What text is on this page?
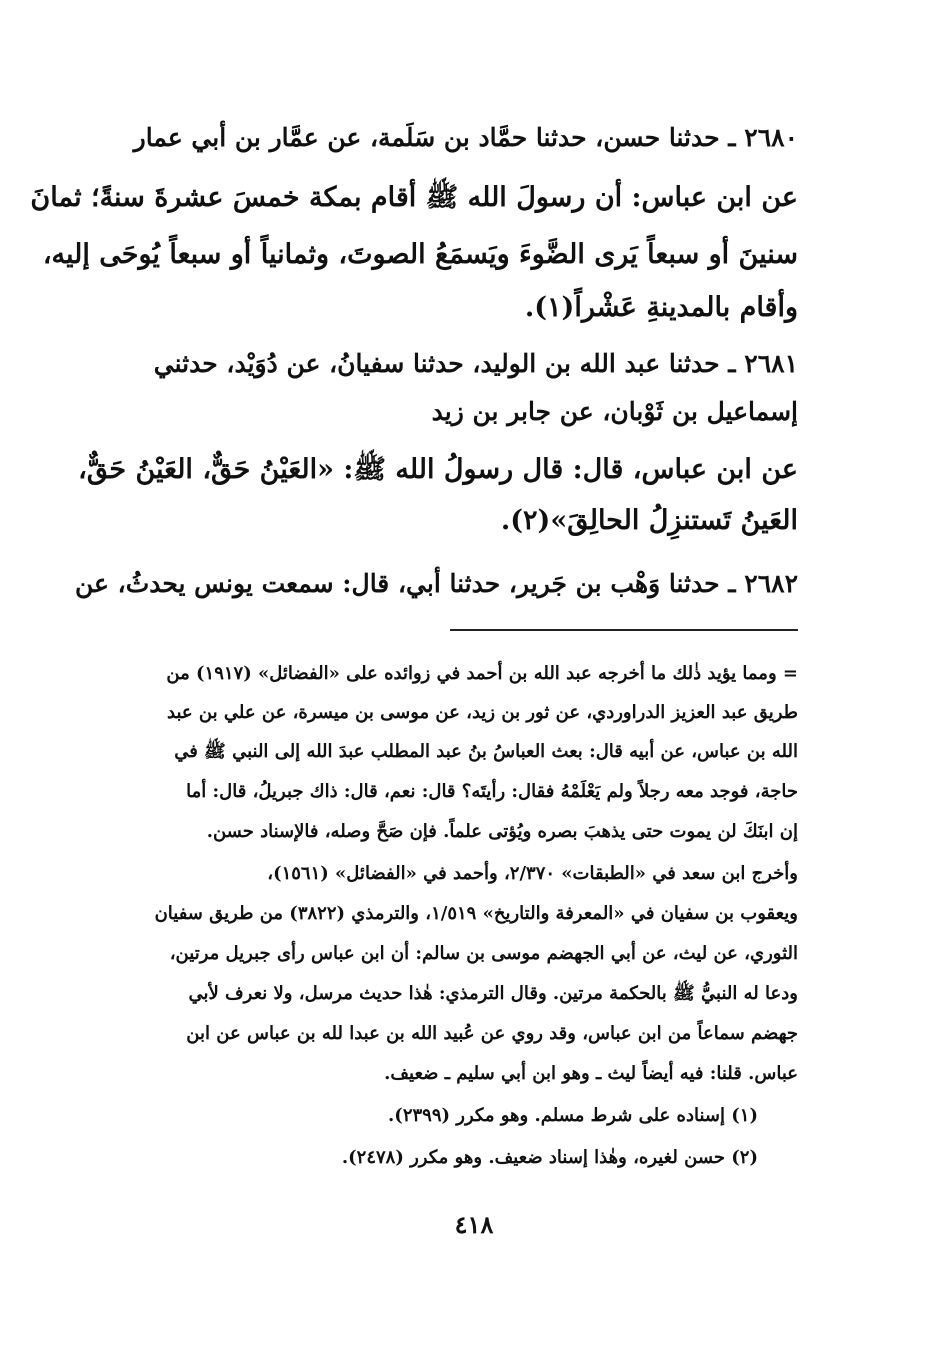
٢٦٨٠ ـ حدثنا حسن، حدثنا حمَّاد بن سَلَمة، عن عمَّار بن أبي عمار
عن ابن عباس: أن رسولَ الله ﷺ أقام بمكة خمسَ عشرةَ سنةً؛ ثمانَ
سنينَ أو سبعاً يَرى الضَّوءَ ويَسمَعُ الصوتَ، وثمانياً أو سبعاً يُوحَى إليه،
وأقام بالمدينةِ عَشْراً(١).
٢٦٨١ ـ حدثنا عبد الله بن الوليد، حدثنا سفيانُ، عن دُوَيْد، حدثني
إسماعيل بن ثَوْبان، عن جابر بن زيد
عن ابن عباس، قال: قال رسولُ الله ﷺ: «العَيْنُ حَقٌّ، العَيْنُ حَقٌّ،
العَينُ تَستنزِلُ الحالِقَ»(٢).
٢٦٨٢ ـ حدثنا وَهْب بن جَرير، حدثنا أبي، قال: سمعت يونس يحدثُ، عن
= ومما يؤيد ذٰلك ما أخرجه عبد الله بن أحمد في زوائده على «الفضائل» (١٩١٧) من
طريق عبد العزيز الدراوردي، عن ثور بن زيد، عن موسى بن ميسرة، عن علي بن عبد
الله بن عباس، عن أبيه قال: بعث العباسُ بنُ عبد المطلب عبدَ الله إلى النبي ﷺ في
حاجة، فوجد معه رجلاً ولم يَعْلَمْهُ فقال: رأيتَه؟ قال: نعم، قال: ذاك جبريلُ، قال: أما
إن ابنَكَ لن يموت حتى يذهبَ بصره ويُؤتى علماً. فإن صَحَّ وصله، فالإسناد حسن.
وأخرج ابن سعد في «الطبقات» ٢/٣٧٠، وأحمد في «الفضائل» (١٥٦١)،
ويعقوب بن سفيان في «المعرفة والتاريخ» ١/٥١٩، والترمذي (٣٨٢٢) من طريق سفيان
الثوري، عن ليث، عن أبي الجهضم موسى بن سالم: أن ابن عباس رأى جبريل مرتين،
ودعا له النبيُّ ﷺ بالحكمة مرتين. وقال الترمذي: هٰذا حديث مرسل، ولا نعرف لأبي
جهضم سماعاً من ابن عباس، وقد روي عن عُبيد الله بن عبدا لله بن عباس عن ابن
عباس. قلنا: فيه أيضاً ليث ـ وهو ابن أبي سليم ـ ضعيف.
(١) إسناده على شرط مسلم. وهو مكرر (٢٣٩٩).
(٢) حسن لغيره، وهٰذا إسناد ضعيف. وهو مكرر (٢٤٧٨).
٤١٨
